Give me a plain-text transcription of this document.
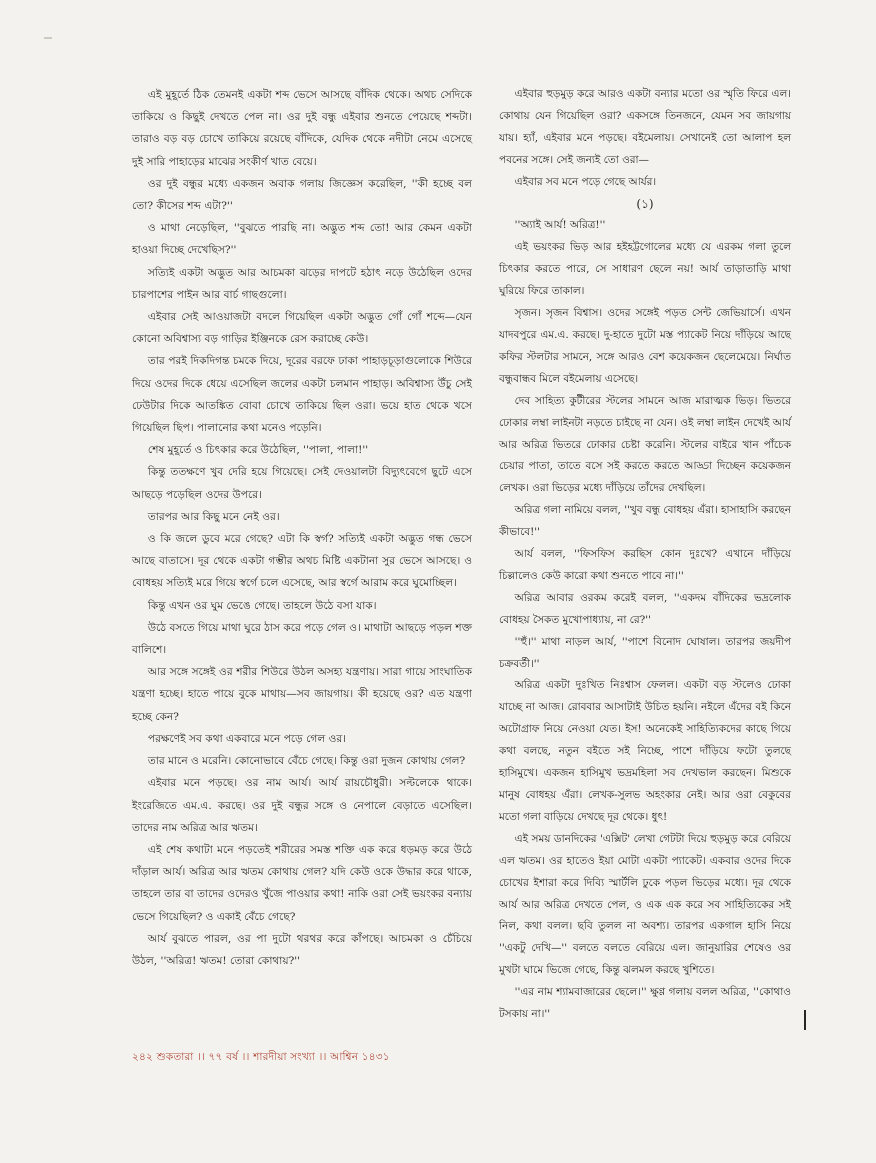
এই মুহূর্তে ঠিক তেমনই একটা শব্দ ভেসে আসছে বাঁদিক থেকে। অথচ সেদিকে তাকিয়ে ও কিছুই দেখতে পেল না। ওর দুই বন্ধু এইবার শুনতে পেয়েছে শব্দটা। তারাও বড় বড় চোখে তাকিয়ে রয়েছে বাঁদিকে, যেদিক থেকে নদীটা নেমে এসেছে দুই সারি পাহাড়ের মাঝের সংকীর্ণ খাত বেয়ে।

ওর দুই বন্ধুর মধ্যে একজন অবাক গলায় জিজ্ঞেস করেছিল, ''কী হচ্ছে বল তো? কীসের শব্দ এটা?''

ও মাথা নেড়েছিল, ''বুঝতে পারছি না। অদ্ভুত শব্দ তো! আর কেমন একটা হাওয়া দিচ্ছে দেখেছিস?''

সত্যিই একটা অদ্ভুত আর আচমকা ঝড়ের দাপটে হঠাৎ নড়ে উঠেছিল ওদের চারপাশের পাইন আর বার্চ গাছগুলো।

এইবার সেই আওয়াজটা বদলে গিয়েছিল একটা অদ্ভুত গোঁ গোঁ শব্দে—যেন কোনো অবিশ্বাস্য বড় গাড়ির ইঞ্জিনকে রেস করাচ্ছে কেউ।

তার পরই দিকদিগন্ত চমকে দিয়ে, দূরের বরফে ঢাকা পাহাড়চূড়াগুলোকে শিউরে দিয়ে ওদের দিকে ধেয়ে এসেছিল জলের একটা চলমান পাহাড়। অবিশ্বাস্য উঁচু সেই ঢেউটার দিকে আতঙ্কিত বোবা চোখে তাকিয়ে ছিল ওরা। ভয়ে হাত থেকে খসে গিয়েছিল ছিপ। পালানোর কথা মনেও পড়েনি।

শেষ মুহূর্তে ও চিৎকার করে উঠেছিল, ''পালা, পালা!''

কিন্তু ততক্ষণে খুব দেরি হয়ে গিয়েছে। সেই দেওয়ালটা বিদ্যুৎবেগে ছুটে এসে আছড়ে পড়েছিল ওদের উপরে।

তারপর আর কিছু মনে নেই ওর।

ও কি জলে ডুবে মরে গেছে? এটা কি স্বর্গ? সত্যিই একটা অদ্ভুত গন্ধ ভেসে আছে বাতাসে। দূর থেকে একটা গম্ভীর অথচ মিষ্টি একটানা সুর ভেসে আসছে। ও বোধহয় সত্যিই মরে গিয়ে স্বর্গে চলে এসেছে, আর স্বর্গে আরাম করে ঘুমোচ্ছিল।

কিন্তু এখন ওর ঘুম ভেঙে গেছে। তাহলে উঠে বসা যাক।

উঠে বসতে গিয়ে মাথা ঘুরে ঠাস করে পড়ে গেল ও। মাথাটা আছড়ে পড়ল শক্ত বালিশে।

আর সঙ্গে সঙ্গেই ওর শরীর শিউরে উঠল অসহ্য যন্ত্রণায়। সারা গায়ে সাংঘাতিক যন্ত্রণা হচ্ছে। হাতে পায়ে বুকে মাথায়—সব জায়গায়। কী হয়েছে ওর? এত যন্ত্রণা হচ্ছে কেন?

পরক্ষণেই সব কথা একবারে মনে পড়ে গেল ওর।

তার মানে ও মরেনি। কোনোভাবে বেঁচে গেছে। কিন্তু ওরা দুজন কোথায় গেল?

এইবার মনে পড়ছে। ওর নাম আর্য। আর্য রায়চৌধুরী। সল্টলেকে থাকে। ইংরেজিতে এম.এ. করছে। ওর দুই বন্ধুর সঙ্গে ও নেপালে বেড়াতে এসেছিল। তাদের নাম অরিত্র আর ঋতম।

এই শেষ কথাটা মনে পড়তেই শরীরের সমস্ত শক্তি এক করে ধড়মড় করে উঠে দাঁড়াল আর্য। অরিত্র আর ঋতম কোথায় গেল? যদি কেউ ওকে উদ্ধার করে থাকে, তাহলে তার বা তাদের ওদেরও খুঁজে পাওয়ার কথা! নাকি ওরা সেই ভয়ংকর বন্যায় ভেসে গিয়েছিল? ও একাই বেঁচে গেছে?

আর্য বুঝতে পারল, ওর পা দুটো থরথর করে কাঁপছে। আচমকা ও চেঁচিয়ে উঠল, ''অরিত্র! ঋতম! তোরা কোথায়?''

এইবার হুড়মুড় করে আরও একটা বন্যার মতো ওর স্মৃতি ফিরে এল। কোথায় যেন গিয়েছিল ওরা? একসঙ্গে তিনজনে, যেমন সব জায়গায় যায়। হ্যাঁ, এইবার মনে পড়ছে। বইমেলায়। সেখানেই তো আলাপ হল পবনের সঙ্গে। সেই জন্যই তো ওরা—

এইবার সব মনে পড়ে গেছে আর্যর।

(১)

''অ্যাই আর্য! অরিত্র!''

এই ভয়ংকর ভিড় আর হইহট্টগোলের মধ্যে যে এরকম গলা তুলে চিৎকার করতে পারে, সে সাধারণ ছেলে নয়! আর্য তাড়াতাড়ি মাথা ঘুরিয়ে ফিরে তাকাল।

সৃজন। সৃজন বিশ্বাস। ওদের সঙ্গেই পড়ত সেন্ট জেভিয়ার্সে। এখন যাদবপুরে এম.এ. করছে। দু-হাতে দুটো মস্ত প্যাকেট নিয়ে দাঁড়িয়ে আছে কফির স্টলটার সামনে, সঙ্গে আরও বেশ কয়েকজন ছেলেমেয়ে। নির্ঘাত বন্ধুবান্ধব মিলে বইমেলায় এসেছে।

দেব সাহিত্য কুটীরের স্টলের সামনে আজ মারাত্মক ভিড়। ভিতরে ঢোকার লম্বা লাইনটা নড়তে চাইছে না যেন। ওই লম্বা লাইন দেখেই আর্য আর অরিত্র ভিতরে ঢোকার চেষ্টা করেনি। স্টলের বাইরে খান পাঁচেক চেয়ার পাতা, তাতে বসে সই করতে করতে আড্ডা দিচ্ছেন কয়েকজন লেখক। ওরা ভিড়ের মধ্যে দাঁড়িয়ে তাঁদের দেখছিল।

অরিত্র গলা নামিয়ে বলল, ''খুব বন্ধু বোধহয় এঁরা। হাসাহাসি করছেন কীভাবে!''

আর্য বলল, ''ফিসফিস করছিস কোন দুঃখে? এখানে দাঁড়িয়ে চিল্লালেও কেউ কারো কথা শুনতে পাবে না।''

অরিত্র আবার ওরকম করেই বলল, ''একদম বাঁদিকের ভদ্রলোক বোধহয় সৈকত মুখোপাধ্যায়, না রে?''

''হুঁ।'' মাথা নাড়ল আর্য, ''পাশে বিনোদ ঘোষাল। তারপর জয়দীপ চক্রবর্তী।''

অরিত্র একটা দুঃখিত নিঃশ্বাস ফেলল। একটা বড় স্টলেও ঢোকা যাচ্ছে না আজ। রোববার আসাটাই উচিত হয়নি। নইলে এঁদের বই কিনে অটোগ্রাফ নিয়ে নেওয়া যেত। ইস! অনেকেই সাহিত্যিকদের কাছে গিয়ে কথা বলছে, নতুন বইতে সই নিচ্ছে, পাশে দাঁড়িয়ে ফটো তুলছে হাসিমুখে। একজন হাসিমুখ ভদ্রমহিলা সব দেখভাল করছেন। মিশুকে মানুষ বোধহয় এঁরা। লেখক-সুলভ অহংকার নেই। আর ওরা বেকুবের মতো গলা বাড়িয়ে দেখছে দূর থেকে। ধুৎ!

এই সময় ডানদিকের 'এক্সিট' লেখা গেটটা দিয়ে হুড়মুড় করে বেরিয়ে এল ঋতম। ওর হাতেও ইয়া মোটা একটা প্যাকেট। একবার ওদের দিকে চোখের ইশারা করে দিব্যি স্মার্টলি ঢুকে পড়ল ভিড়ের মধ্যে। দূর থেকে আর্য আর অরিত্র দেখতে পেল, ও এক এক করে সব সাহিত্যিকের সই নিল, কথা বলল। ছবি তুলল না অবশ্য। তারপর একগাল হাসি নিয়ে ''একটু দেখি—'' বলতে বলতে বেরিয়ে এল। জানুয়ারির শেষেও ওর মুখটা ঘামে ভিজে গেছে, কিন্তু ঝলমল করছে খুশিতে।

''এর নাম শ্যামবাজারের ছেলে।'' ক্ষুণ্ণ গলায় বলল অরিত্র, ''কোথাও টসকায় না।''

২৪২ শুকতারা ।। ৭৭ বর্ষ ।। শারদীয়া সংখ্যা ।। আশ্বিন ১৪৩১
